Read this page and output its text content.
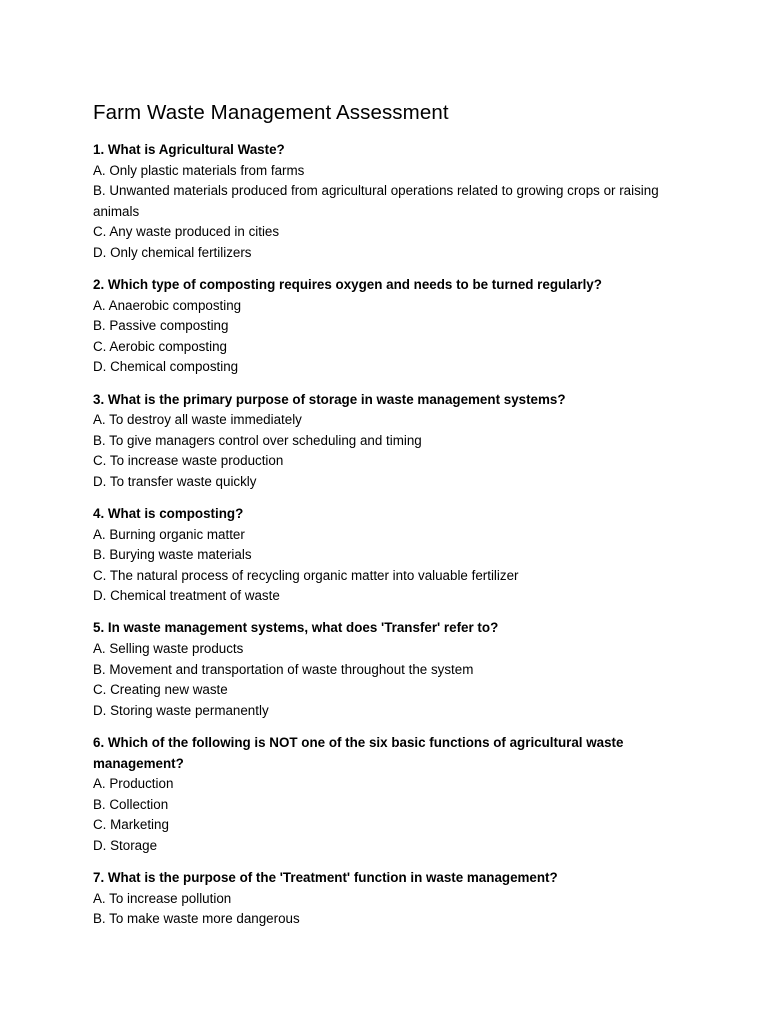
Farm Waste Management Assessment

1. What is Agricultural Waste?

A. Only plastic materials from farms

B. Unwanted materials produced from agricultural operations related to growing crops or raising animals

C. Any waste produced in cities

D. Only chemical fertilizers

2. Which type of composting requires oxygen and needs to be turned regularly?

A. Anaerobic composting

B. Passive composting

C. Aerobic composting

D. Chemical composting

3. What is the primary purpose of storage in waste management systems?

A. To destroy all waste immediately

B. To give managers control over scheduling and timing

C. To increase waste production

D. To transfer waste quickly

4. What is composting?

A. Burning organic matter

B. Burying waste materials

C. The natural process of recycling organic matter into valuable fertilizer

D. Chemical treatment of waste

5. In waste management systems, what does 'Transfer' refer to?

A. Selling waste products

B. Movement and transportation of waste throughout the system

C. Creating new waste

D. Storing waste permanently

6. Which of the following is NOT one of the six basic functions of agricultural waste management?

A. Production

B. Collection

C. Marketing

D. Storage

7. What is the purpose of the 'Treatment' function in waste management?

A. To increase pollution

B. To make waste more dangerous
